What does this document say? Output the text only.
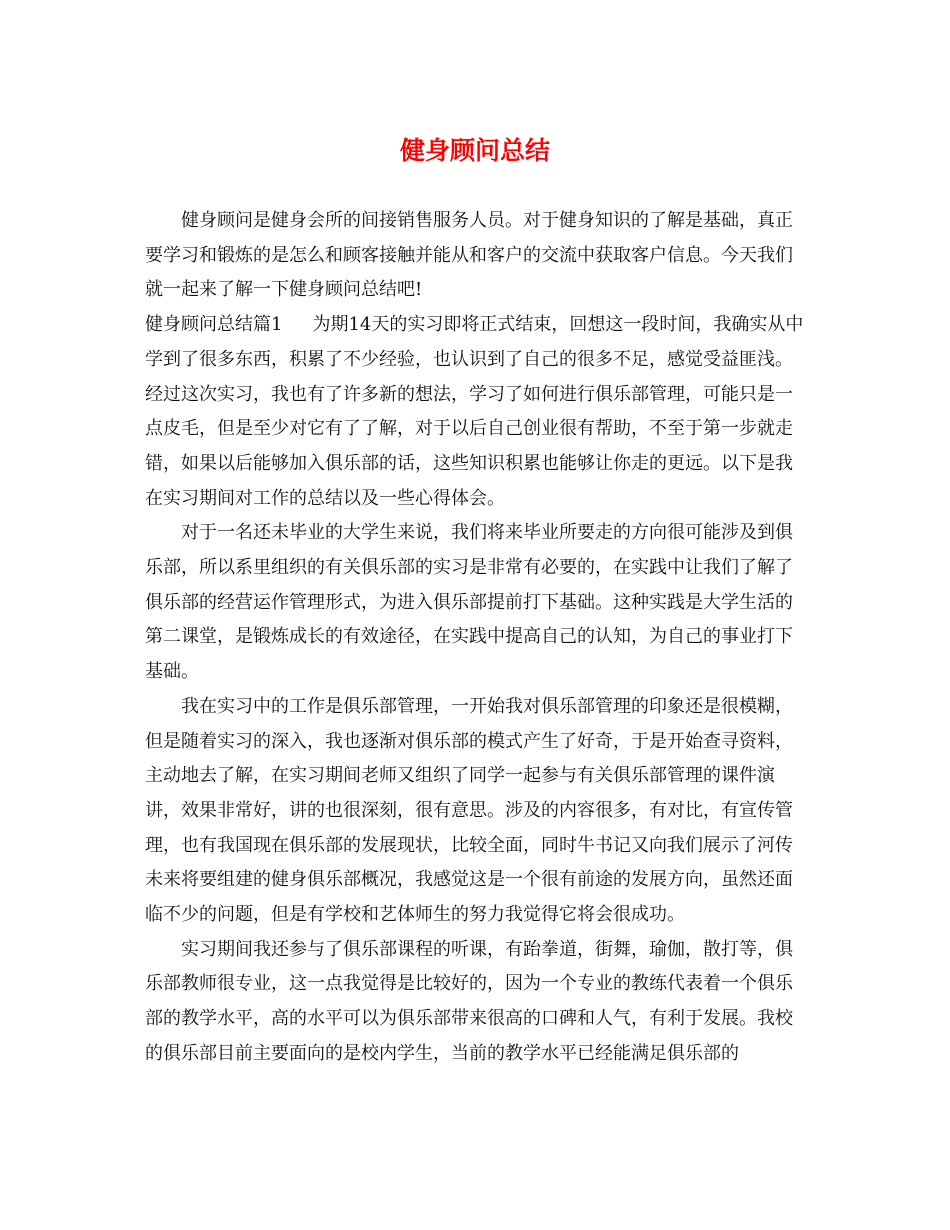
健身顾问总结

健身顾问是健身会所的间接销售服务人员。对于健身知识的了解是基础，真正要学习和锻炼的是怎么和顾客接触并能从和客户的交流中获取客户信息。今天我们就一起来了解一下健身顾问总结吧!

健身顾问总结篇1 为期14天的实习即将正式结束，回想这一段时间，我确实从中学到了很多东西，积累了不少经验，也认识到了自己的很多不足，感觉受益匪浅。经过这次实习，我也有了许多新的想法，学习了如何进行俱乐部管理，可能只是一点皮毛，但是至少对它有了了解，对于以后自己创业很有帮助，不至于第一步就走错，如果以后能够加入俱乐部的话，这些知识积累也能够让你走的更远。以下是我在实习期间对工作的总结以及一些心得体会。

对于一名还未毕业的大学生来说，我们将来毕业所要走的方向很可能涉及到俱乐部，所以系里组织的有关俱乐部的实习是非常有必要的，在实践中让我们了解了俱乐部的经营运作管理形式，为进入俱乐部提前打下基础。这种实践是大学生活的第二课堂，是锻炼成长的有效途径，在实践中提高自己的认知，为自己的事业打下基础。

我在实习中的工作是俱乐部管理，一开始我对俱乐部管理的印象还是很模糊，但是随着实习的深入，我也逐渐对俱乐部的模式产生了好奇，于是开始查寻资料，主动地去了解，在实习期间老师又组织了同学一起参与有关俱乐部管理的课件演讲，效果非常好，讲的也很深刻，很有意思。涉及的内容很多，有对比，有宣传管理，也有我国现在俱乐部的发展现状，比较全面，同时牛书记又向我们展示了河传未来将要组建的健身俱乐部概况，我感觉这是一个很有前途的发展方向，虽然还面临不少的问题，但是有学校和艺体师生的努力我觉得它将会很成功。

实习期间我还参与了俱乐部课程的听课，有跆拳道，街舞，瑜伽，散打等，俱乐部教师很专业，这一点我觉得是比较好的，因为一个专业的教练代表着一个俱乐部的教学水平，高的水平可以为俱乐部带来很高的口碑和人气，有利于发展。我校的俱乐部目前主要面向的是校内学生，当前的教学水平已经能满足俱乐部的
